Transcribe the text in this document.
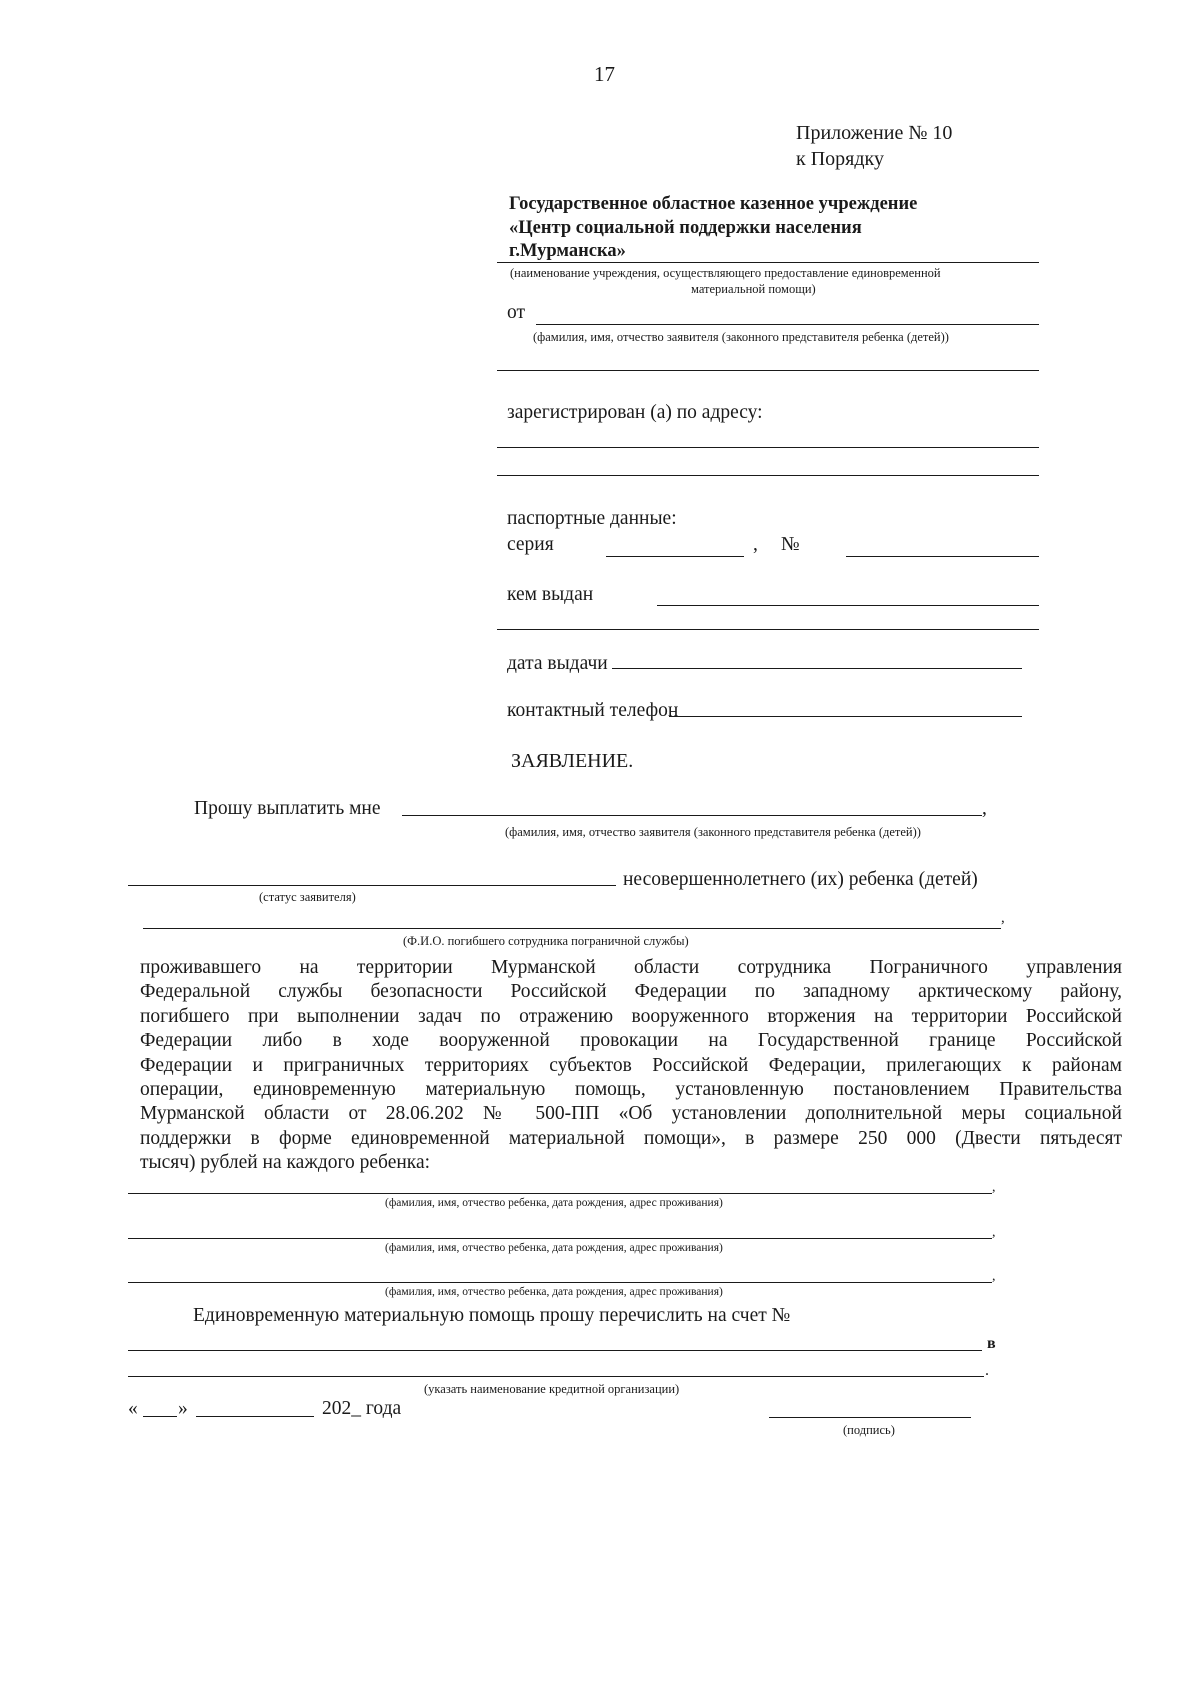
17
Приложение № 10
к Порядку
Государственное областное казенное учреждение
«Центр социальной поддержки населения
г.Мурманска»
(наименование учреждения, осуществляющего предоставление единовременной
материальной помощи)
от
(фамилия, имя, отчество заявителя (законного представителя ребенка (детей))
зарегистрирован (а) по адресу:
паспортные данные:
серия	, №
кем выдан
дата выдачи
контактный телефон
ЗАЯВЛЕНИЕ.
Прошу выплатить мне	,
(фамилия, имя, отчество заявителя (законного представителя ребенка (детей))
несовершеннолетнего (их) ребенка (детей)
(статус заявителя)
,
(Ф.И.О. погибшего сотрудника пограничной службы)
проживавшего на территории Мурманской области сотрудника Пограничного управления
Федеральной службы безопасности Российской Федерации по западному арктическому району,
погибшего при выполнении задач по отражению вооруженного вторжения на территории Российской
Федерации либо в ходе вооруженной провокации на Государственной границе Российской
Федерации и приграничных территориях субъектов Российской Федерации, прилегающих к районам
операции, единовременную материальную помощь, установленную постановлением Правительства
Мурманской области от 28.06.202 № 500-ПП «Об установлении дополнительной меры социальной
поддержки в форме единовременной материальной помощи», в размере 250 000 (Двести пятьдесят
тысяч) рублей на каждого ребенка:
,
(фамилия, имя, отчество ребенка, дата рождения, адрес проживания)
,
(фамилия, имя, отчество ребенка, дата рождения, адрес проживания)
,
(фамилия, имя, отчество ребенка, дата рождения, адрес проживания)
Единовременную материальную помощь прошу перечислить на счет №
в
.
(указать наименование кредитной организации)
« »	202_ года
(подпись)
